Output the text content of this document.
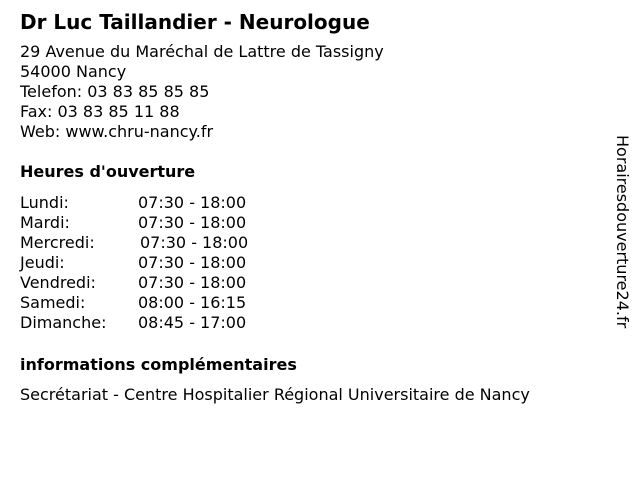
Dr Luc Taillandier - Neurologue
29 Avenue du Maréchal de Lattre de Tassigny
54000 Nancy
Telefon: 03 83 85 85 85
Fax: 03 83 85 11 88
Web: www.chru-nancy.fr
Heures d'ouverture
Lundi:	07:30 - 18:00
Mardi:	07:30 - 18:00
Mercredi:	07:30 - 18:00
Jeudi:	07:30 - 18:00
Vendredi:	07:30 - 18:00
Samedi:	08:00 - 16:15
Dimanche: 08:45 - 17:00
informations complémentaires
Secrétariat - Centre Hospitalier Régional Universitaire de Nancy
Horairesdouverture24.fr
